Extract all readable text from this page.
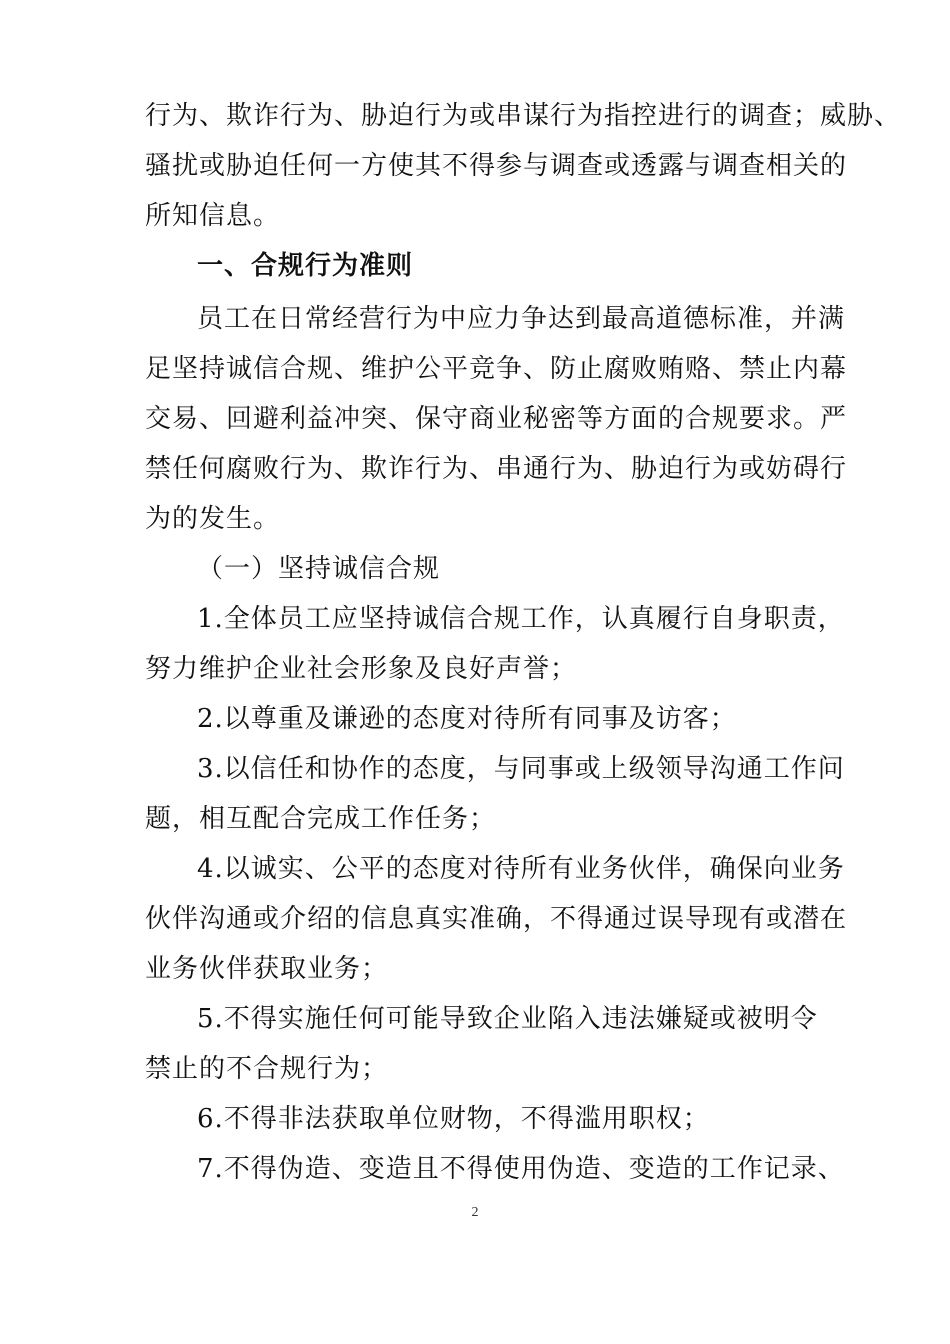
行为、欺诈行为、胁迫行为或串谋行为指控进行的调查；威胁、
骚扰或胁迫任何一方使其不得参与调查或透露与调查相关的
所知信息。
一、合规行为准则
员工在日常经营行为中应力争达到最高道德标准，并满
足坚持诚信合规、维护公平竞争、防止腐败贿赂、禁止内幕
交易、回避利益冲突、保守商业秘密等方面的合规要求。严
禁任何腐败行为、欺诈行为、串通行为、胁迫行为或妨碍行
为的发生。
（一）坚持诚信合规
1.全体员工应坚持诚信合规工作，认真履行自身职责，
努力维护企业社会形象及良好声誉；
2.以尊重及谦逊的态度对待所有同事及访客；
3.以信任和协作的态度，与同事或上级领导沟通工作问
题，相互配合完成工作任务；
4.以诚实、公平的态度对待所有业务伙伴，确保向业务
伙伴沟通或介绍的信息真实准确，不得通过误导现有或潜在
业务伙伴获取业务；
5.不得实施任何可能导致企业陷入违法嫌疑或被明令
禁止的不合规行为；
6.不得非法获取单位财物，不得滥用职权；
7.不得伪造、变造且不得使用伪造、变造的工作记录、
2
